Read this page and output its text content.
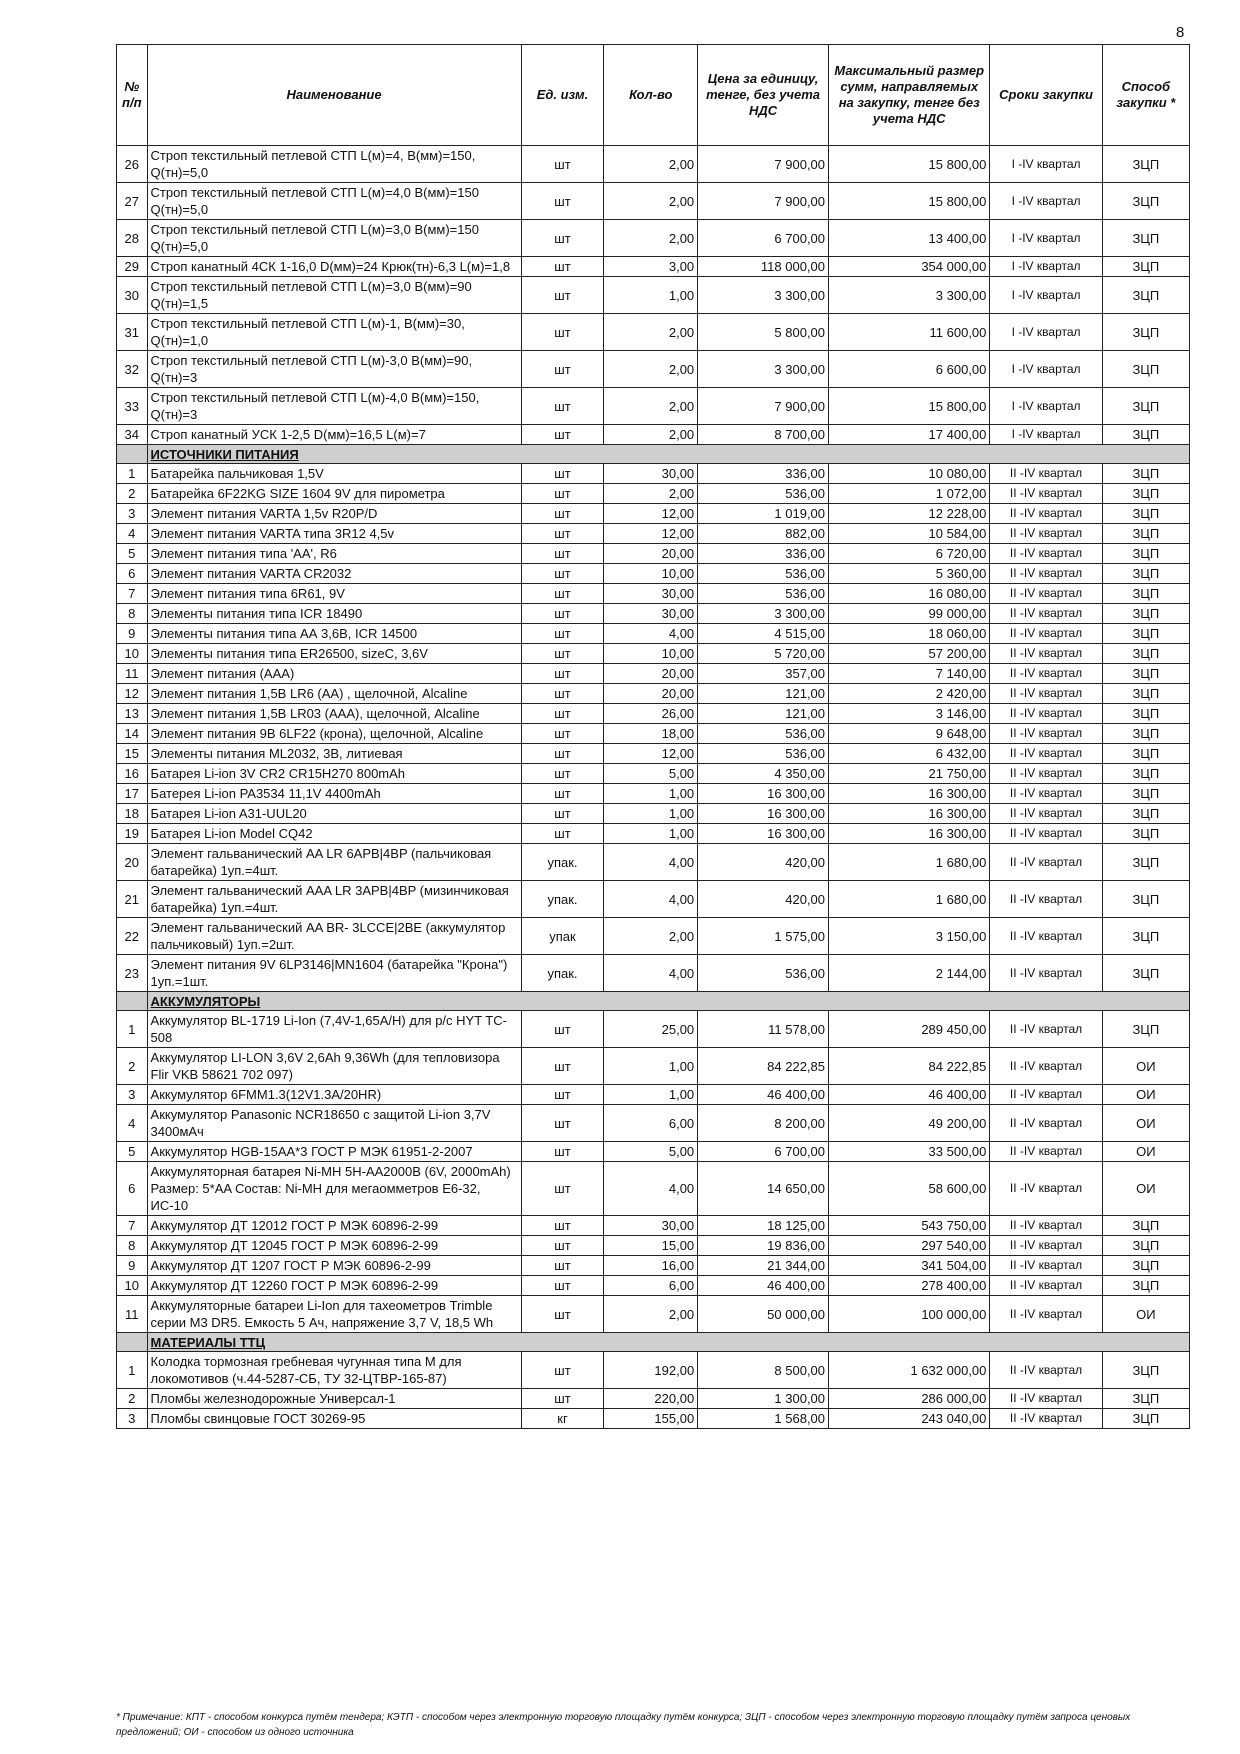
8
№ п/п	Наименование	Ед. изм.	Кол-во	Цена за единицу, тенге, без учета НДС	Максимальный размер сумм, направляемых на закупку, тенге без учета НДС	Сроки закупки	Способ закупки *
26	Строп текстильный петлевой СТП L(м)=4, B(мм)=150, Q(тн)=5,0	шт	2,00	7 900,00	15 800,00	I -IV квартал	ЗЦП
27	Строп текстильный петлевой СТП L(м)=4,0 B(мм)=150 Q(тн)=5,0	шт	2,00	7 900,00	15 800,00	I -IV квартал	ЗЦП
28	Строп текстильный петлевой СТП L(м)=3,0 B(мм)=150 Q(тн)=5,0	шт	2,00	6 700,00	13 400,00	I -IV квартал	ЗЦП
29	Строп канатный 4СК 1-16,0 D(мм)=24 Крюк(тн)-6,3 L(м)=1,8	шт	3,00	118 000,00	354 000,00	I -IV квартал	ЗЦП
30	Строп текстильный петлевой СТП L(м)=3,0 B(мм)=90 Q(тн)=1,5	шт	1,00	3 300,00	3 300,00	I -IV квартал	ЗЦП
31	Строп текстильный петлевой СТП L(м)-1, B(мм)=30, Q(тн)=1,0	шт	2,00	5 800,00	11 600,00	I -IV квартал	ЗЦП
32	Строп текстильный петлевой СТП L(м)-3,0 B(мм)=90, Q(тн)=3	шт	2,00	3 300,00	6 600,00	I -IV квартал	ЗЦП
33	Строп текстильный петлевой СТП L(м)-4,0 B(мм)=150, Q(тн)=3	шт	2,00	7 900,00	15 800,00	I -IV квартал	ЗЦП
34	Строп канатный УСК 1-2,5 D(мм)=16,5 L(м)=7	шт	2,00	8 700,00	17 400,00	I -IV квартал	ЗЦП
	ИСТОЧНИКИ ПИТАНИЯ						
1	Батарейка пальчиковая 1,5V	шт	30,00	336,00	10 080,00	II -IV квартал	ЗЦП
2	Батарейка 6F22KG SIZE 1604 9V для пирометра	шт	2,00	536,00	1 072,00	II -IV квартал	ЗЦП
3	Элемент питания VARTA 1,5v R20P/D	шт	12,00	1 019,00	12 228,00	II -IV квартал	ЗЦП
4	Элемент питания VARTA типа 3R12 4,5v	шт	12,00	882,00	10 584,00	II -IV квартал	ЗЦП
5	Элемент питания типа 'AA', R6	шт	20,00	336,00	6 720,00	II -IV квартал	ЗЦП
6	Элемент питания VARTA CR2032	шт	10,00	536,00	5 360,00	II -IV квартал	ЗЦП
7	Элемент питания типа 6R61, 9V	шт	30,00	536,00	16 080,00	II -IV квартал	ЗЦП
8	Элементы питания типа ICR 18490	шт	30,00	3 300,00	99 000,00	II -IV квартал	ЗЦП
9	Элементы питания типа АА 3,6В, ICR 14500	шт	4,00	4 515,00	18 060,00	II -IV квартал	ЗЦП
10	Элементы питания типа ER26500, sizeC, 3,6V	шт	10,00	5 720,00	57 200,00	II -IV квартал	ЗЦП
11	Элемент питания (AAA)	шт	20,00	357,00	7 140,00	II -IV квартал	ЗЦП
12	Элемент питания 1,5В LR6 (AA) , щелочной, Alcaline	шт	20,00	121,00	2 420,00	II -IV квартал	ЗЦП
13	Элемент питания 1,5В LR03 (AAA), щелочной, Alcaline	шт	26,00	121,00	3 146,00	II -IV квартал	ЗЦП
14	Элемент питания 9В 6LF22 (крона), щелочной, Alcaline	шт	18,00	536,00	9 648,00	II -IV квартал	ЗЦП
15	Элементы питания ML2032, 3В, литиевая	шт	12,00	536,00	6 432,00	II -IV квартал	ЗЦП
16	Батарея Li-ion 3V CR2 CR15H270 800mAh	шт	5,00	4 350,00	21 750,00	II -IV квартал	ЗЦП
17	Батерея Li-ion PA3534 11,1V 4400mAh	шт	1,00	16 300,00	16 300,00	II -IV квартал	ЗЦП
18	Батарея Li-ion A31-UUL20	шт	1,00	16 300,00	16 300,00	II -IV квартал	ЗЦП
19	Батарея Li-ion Model CQ42	шт	1,00	16 300,00	16 300,00	II -IV квартал	ЗЦП
20	Элемент гальванический AA LR 6APB|4BP (пальчиковая батарейка) 1уп.=4шт.	упак.	4,00	420,00	1 680,00	II -IV квартал	ЗЦП
21	Элемент гальванический AAA LR 3APB|4BP (мизинчиковая батарейка) 1уп.=4шт.	упак.	4,00	420,00	1 680,00	II -IV квартал	ЗЦП
22	Элемент гальванический AA BR- 3LCCE|2BE (аккумулятор пальчиковый) 1уп.=2шт.	упак	2,00	1 575,00	3 150,00	II -IV квартал	ЗЦП
23	Элемент питания 9V 6LP3146|MN1604 (батарейка "Крона") 1уп.=1шт.	упак.	4,00	536,00	2 144,00	II -IV квартал	ЗЦП
	АККУМУЛЯТОРЫ						
1	Аккумулятор BL-1719 Li-Ion (7,4V-1,65A/H) для р/с HYT TC-508	шт	25,00	11 578,00	289 450,00	II -IV квартал	ЗЦП
2	Аккумулятор LI-LON 3,6V 2,6Ah 9,36Wh (для тепловизора Flir VKB 58621 702 097)	шт	1,00	84 222,85	84 222,85	II -IV квартал	ОИ
3	Аккумулятор 6FMM1.3(12V1.3A/20HR)	шт	1,00	46 400,00	46 400,00	II -IV квартал	ОИ
4	Аккумулятор Panasonic NCR18650 с защитой Li-ion 3,7V 3400мАч	шт	6,00	8 200,00	49 200,00	II -IV квартал	ОИ
5	Аккумулятор HGB-15AA*3 ГОСТ Р МЭК 61951-2-2007	шт	5,00	6 700,00	33 500,00	II -IV квартал	ОИ
6	Аккумуляторная батарея Ni-MH 5H-AA2000B (6V, 2000mAh) Размер: 5*AA Состав: Ni-MH для мегаомметров Е6-32, ИС-10	шт	4,00	14 650,00	58 600,00	II -IV квартал	ОИ
7	Аккумулятор ДТ 12012 ГОСТ Р МЭК 60896-2-99	шт	30,00	18 125,00	543 750,00	II -IV квартал	ЗЦП
8	Аккумулятор ДТ 12045 ГОСТ Р МЭК 60896-2-99	шт	15,00	19 836,00	297 540,00	II -IV квартал	ЗЦП
9	Аккумулятор ДТ 1207 ГОСТ Р МЭК 60896-2-99	шт	16,00	21 344,00	341 504,00	II -IV квартал	ЗЦП
10	Аккумулятор ДТ 12260 ГОСТ Р МЭК 60896-2-99	шт	6,00	46 400,00	278 400,00	II -IV квартал	ЗЦП
11	Аккумуляторные батареи Li-Ion для тахеометров Trimble серии M3 DR5. Емкость 5 Ач, напряжение 3,7 V, 18,5 Wh	шт	2,00	50 000,00	100 000,00	II -IV квартал	ОИ
	МАТЕРИАЛЫ ТТЦ						
1	Колодка тормозная гребневая чугунная типа М для локомотивов (ч.44-5287-СБ, ТУ 32-ЦТВР-165-87)	шт	192,00	8 500,00	1 632 000,00	II -IV квартал	ЗЦП
2	Пломбы железнодорожные Универсал-1	шт	220,00	1 300,00	286 000,00	II -IV квартал	ЗЦП
3	Пломбы свинцовые ГОСТ 30269-95	кг	155,00	1 568,00	243 040,00	II -IV квартал	ЗЦП
* Примечание: КПТ - способом конкурса путём тендера; КЭТП - способом через электронную торговую площадку путём конкурса; ЗЦП - способом через электронную торговую площадку путём запроса ценовых предложений; ОИ - способом из одного источника
